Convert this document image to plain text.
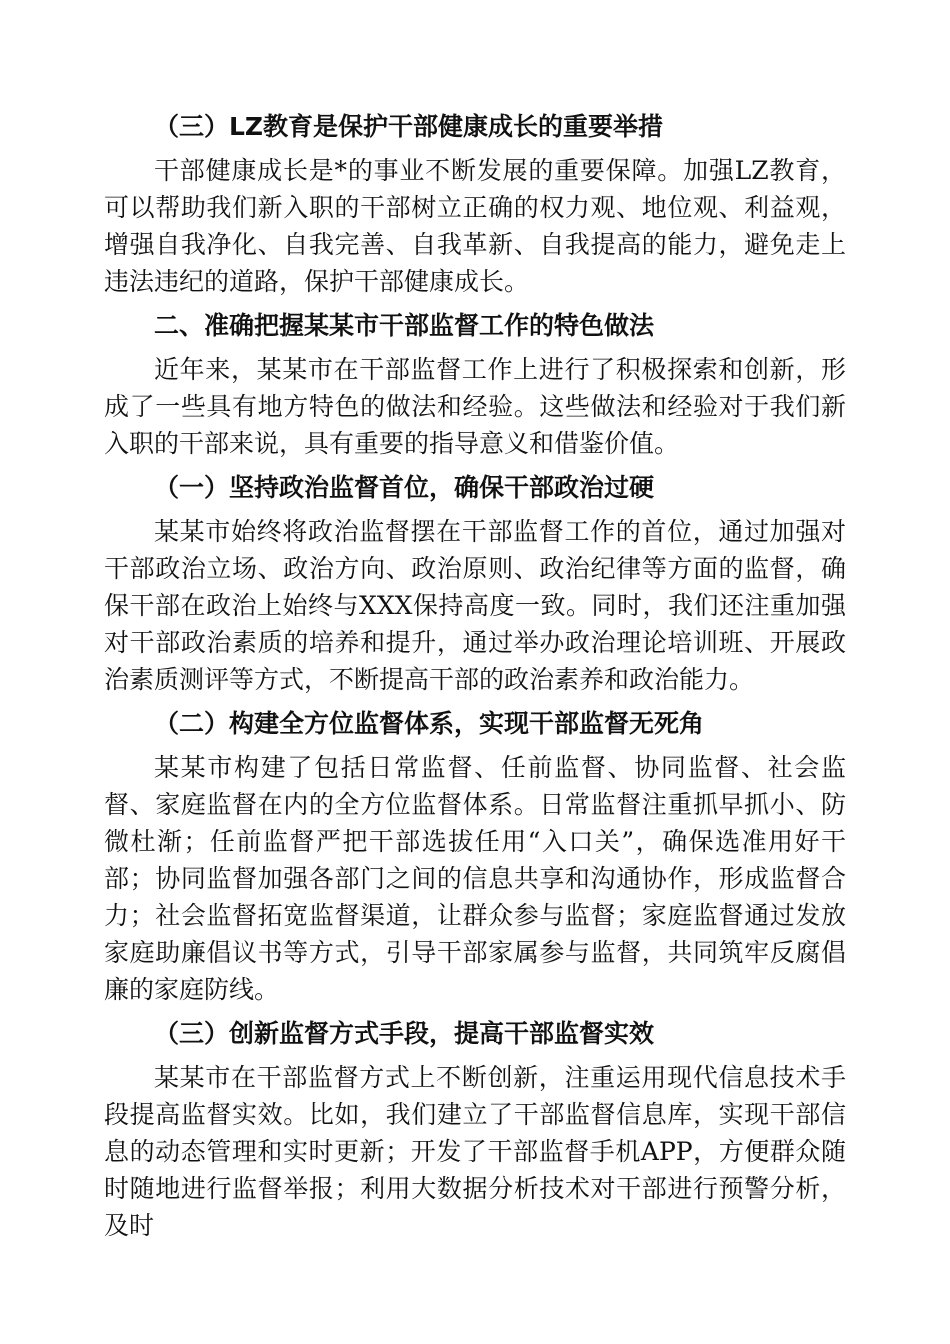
（三）LZ教育是保护干部健康成长的重要举措
干部健康成长是*的事业不断发展的重要保障。加强LZ教育，可以帮助我们新入职的干部树立正确的权力观、地位观、利益观，增强自我净化、自我完善、自我革新、自我提高的能力，避免走上违法违纪的道路，保护干部健康成长。
二、准确把握某某市干部监督工作的特色做法
近年来，某某市在干部监督工作上进行了积极探索和创新，形成了一些具有地方特色的做法和经验。这些做法和经验对于我们新入职的干部来说，具有重要的指导意义和借鉴价值。
（一）坚持政治监督首位，确保干部政治过硬
某某市始终将政治监督摆在干部监督工作的首位，通过加强对干部政治立场、政治方向、政治原则、政治纪律等方面的监督，确保干部在政治上始终与XXX保持高度一致。同时，我们还注重加强对干部政治素质的培养和提升，通过举办政治理论培训班、开展政治素质测评等方式，不断提高干部的政治素养和政治能力。
（二）构建全方位监督体系，实现干部监督无死角
某某市构建了包括日常监督、任前监督、协同监督、社会监督、家庭监督在内的全方位监督体系。日常监督注重抓早抓小、防微杜渐；任前监督严把干部选拔任用“入口关”，确保选准用好干部；协同监督加强各部门之间的信息共享和沟通协作，形成监督合力；社会监督拓宽监督渠道，让群众参与监督；家庭监督通过发放家庭助廉倡议书等方式，引导干部家属参与监督，共同筑牢反腐倡廉的家庭防线。
（三）创新监督方式手段，提高干部监督实效
某某市在干部监督方式上不断创新，注重运用现代信息技术手段提高监督实效。比如，我们建立了干部监督信息库，实现干部信息的动态管理和实时更新；开发了干部监督手机APP，方便群众随时随地进行监督举报；利用大数据分析技术对干部进行预警分析，及时
